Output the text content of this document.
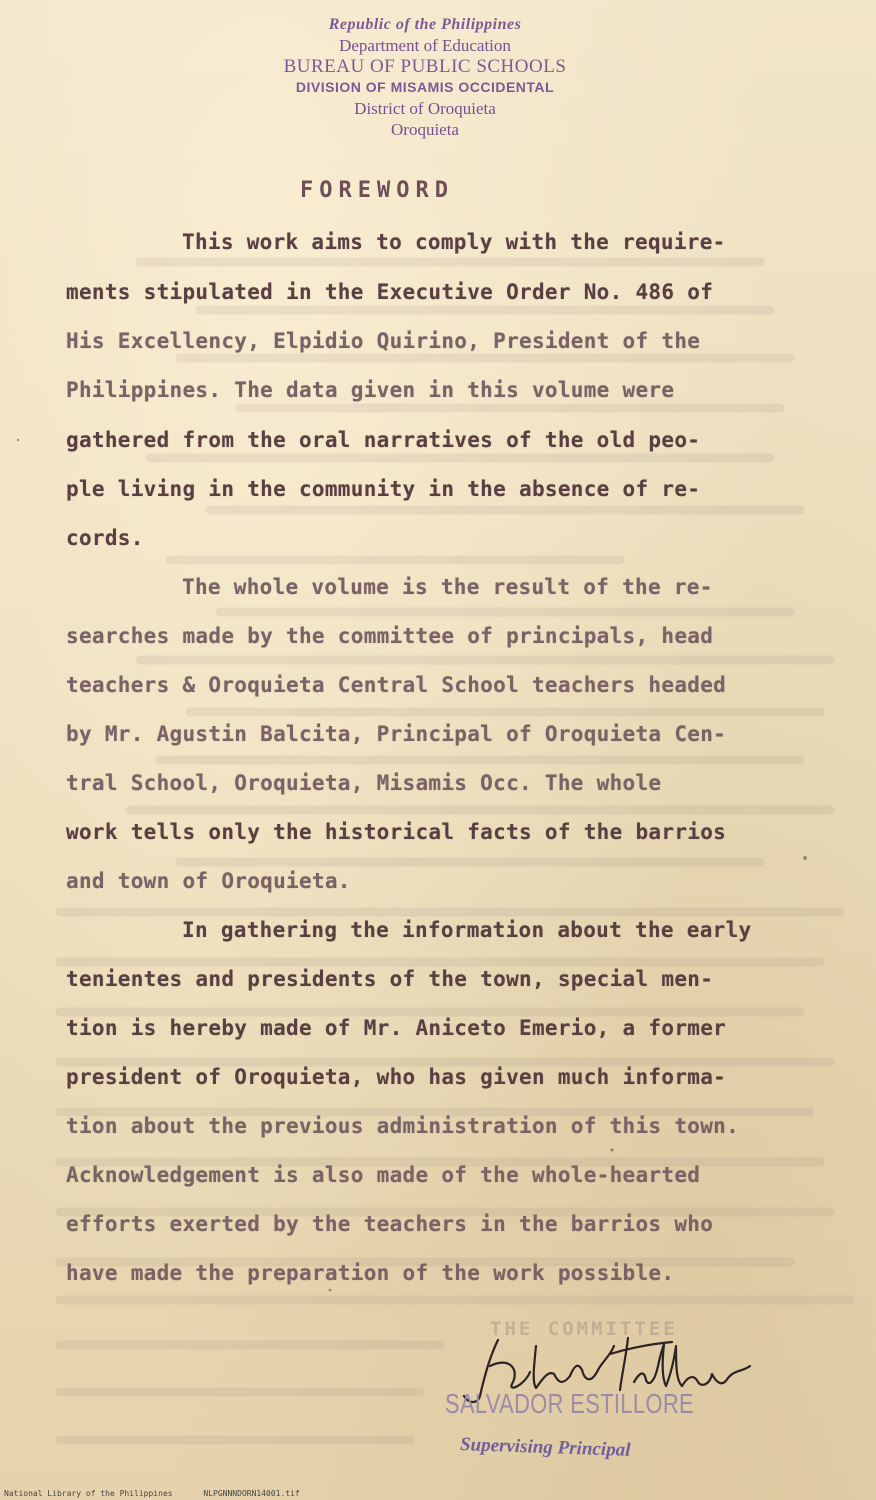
Republic of the Philippines
Department of Education
BUREAU OF PUBLIC SCHOOLS
DIVISION OF MISAMIS OCCIDENTAL
District of Oroquieta
Oroquieta
FOREWORD
This work aims to comply with the require-
ments stipulated in the Executive Order No. 486 of
His Excellency, Elpidio Quirino, President of the
Philippines. The data given in this volume were
gathered from the oral narratives of the old peo-
ple living in the community in the absence of re-
cords.
The whole volume is the result of the re-
searches made by the committee of principals, head
teachers & Oroquieta Central School teachers headed
by Mr. Agustin Balcita, Principal of Oroquieta Cen-
tral School, Oroquieta, Misamis Occ. The whole
work tells only the historical facts of the barrios
and town of Oroquieta.
In gathering the information about the early
tenientes and presidents of the town, special men-
tion is hereby made of Mr. Aniceto Emerio, a former
president of Oroquieta, who has given much informa-
tion about the previous administration of this town.
Acknowledgement is also made of the whole-hearted
efforts exerted by the teachers in the barrios who
have made the preparation of the work possible.
THE COMMITTEE
SALVADOR ESTILLORE
Supervising Principal
National Library of the Philippines	NLPGNNNDORN14001.tif
